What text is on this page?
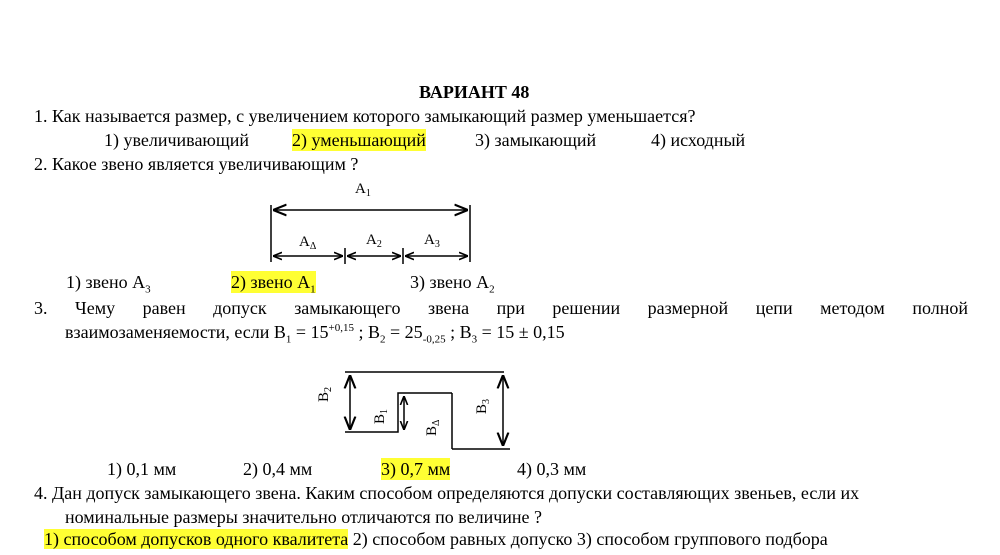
ВАРИАНТ 48
1. Как называется размер, с увеличением которого замыкающий размер уменьшается?
1) увеличивающий 2) уменьшающий	3) замыкающий	4) исходный
2. Какое звено является увеличивающим ?
$A_1$
$A_\Delta$	$A_2$	$A_3$
1) звено $А_3$	2) звено $А_1$	3) звено $А_2$
3. Чему равен допуск замыкающего звена при решении размерной цепи методом полной
взаимозаменяемости, если $В_1 = 15^{+0,15}$ ; $В_2 = 25_{-0,25}$ ; $В_3 = 15 \pm 0,15$
$B_2$
$B_1$
$B_\Delta$
$B_3$
1) 0,1 мм	2) 0,4 мм	3) 0,7 мм	4) 0,3 мм
4. Дан допуск замыкающего звена. Каким способом определяются допуски составляющих звеньев, если их
номинальные размеры значительно отличаются по величине ?
1) способом допусков одного квалитета 2) способом равных допуско 3) способом группового подбора
